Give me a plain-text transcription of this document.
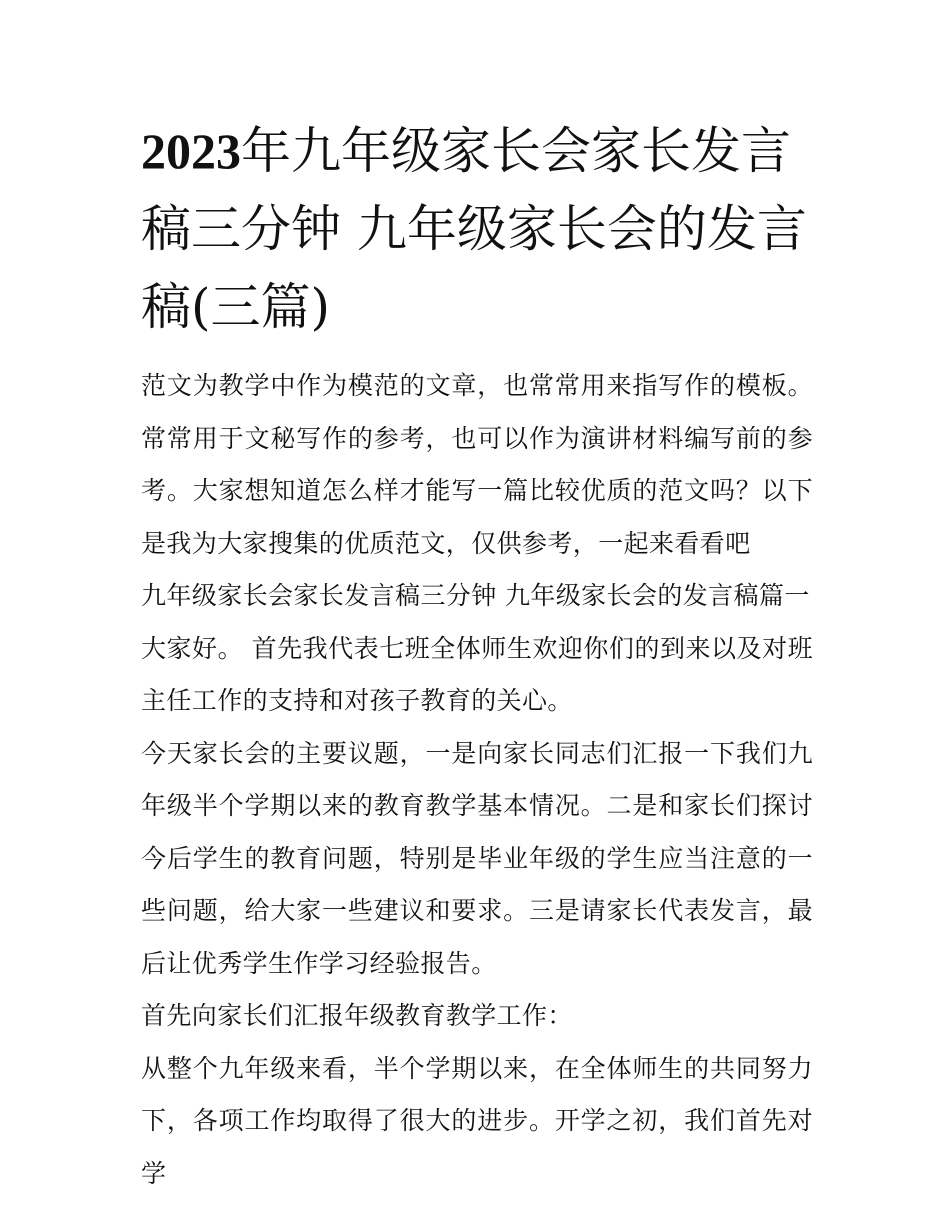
2023年九年级家长会家长发言稿三分钟 九年级家长会的发言稿(三篇)

范文为教学中作为模范的文章，也常常用来指写作的模板。常常用于文秘写作的参考，也可以作为演讲材料编写前的参考。大家想知道怎么样才能写一篇比较优质的范文吗？以下是我为大家搜集的优质范文，仅供参考，一起来看看吧

九年级家长会家长发言稿三分钟 九年级家长会的发言稿篇一

大家好。 首先我代表七班全体师生欢迎你们的到来以及对班主任工作的支持和对孩子教育的关心。

今天家长会的主要议题，一是向家长同志们汇报一下我们九年级半个学期以来的教育教学基本情况。二是和家长们探讨今后学生的教育问题，特别是毕业年级的学生应当注意的一些问题，给大家一些建议和要求。三是请家长代表发言，最后让优秀学生作学习经验报告。

首先向家长们汇报年级教育教学工作：

从整个九年级来看，半个学期以来，在全体师生的共同努力下，各项工作均取得了很大的进步。开学之初，我们首先对学
